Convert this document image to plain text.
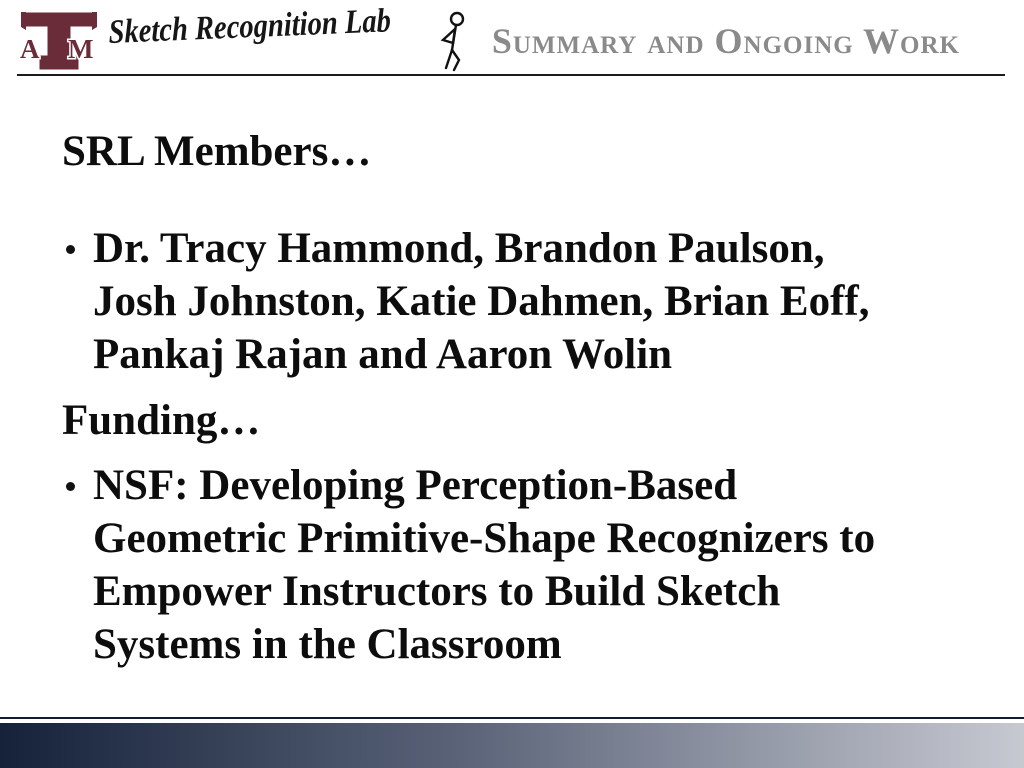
A M Sketch Recognition Lab	Summary and Ongoing Work
SRL Members…
Dr. Tracy Hammond, Brandon Paulson,
Josh Johnston, Katie Dahmen, Brian Eoff,
Pankaj Rajan and Aaron Wolin
Funding…
NSF: Developing Perception-Based
Geometric Primitive-Shape Recognizers to
Empower Instructors to Build Sketch
Systems in the Classroom
